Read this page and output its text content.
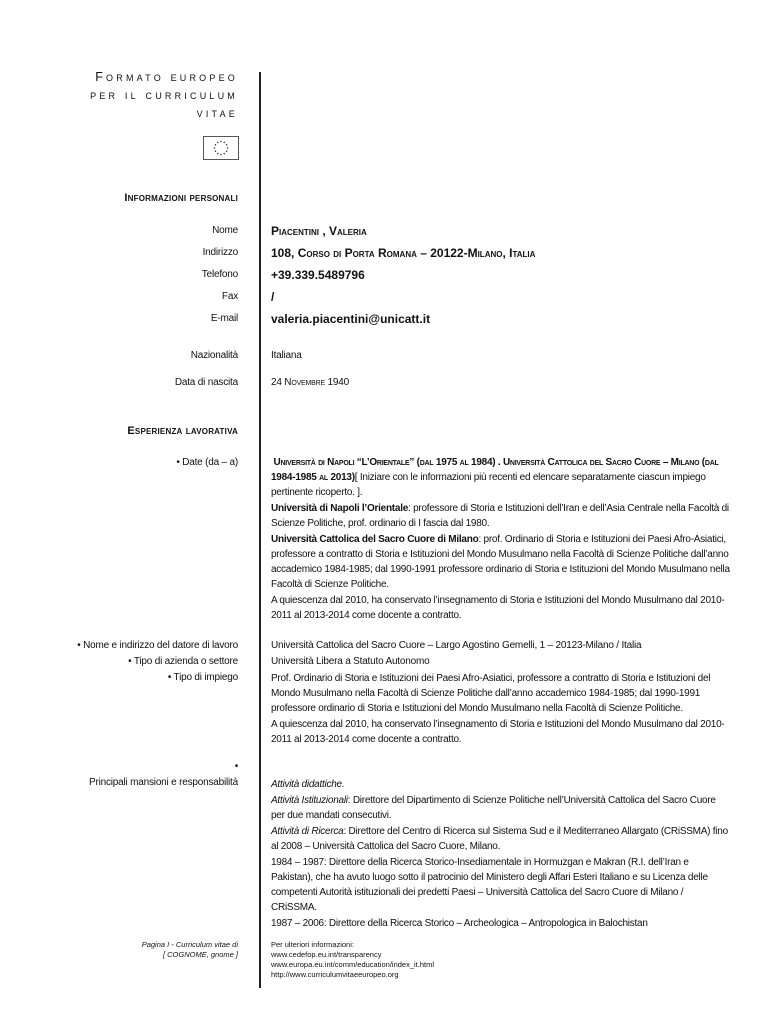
Formato europeo
per il curriculum
vitae
Informazioni personali
Nome	Piacentini , Valeria
Indirizzo	108, Corso di Porta Romana – 20122-Milano, Italia
Telefono	+39.339.5489796
Fax	/
E-mail	valeria.piacentini@unicatt.it
Nazionalità	Italiana
Data di nascita	24 Novembre 1940
Esperienza lavorativa
• Date (da – a)	Università di Napoli “L’Orientale” (dal 1975 al 1984) . Università Cattolica del Sacro Cuore – Milano (dal 1984-1985 al 2013)[ Iniziare con le informazioni più recenti ed elencare separatamente ciascun impiego pertinente ricoperto. ].

Università di Napoli l’Orientale: professore di Storia e Istituzioni dell’Iran e dell’Asia Centrale nella Facoltà di Scienze Politiche, prof. ordinario di I fascia dal 1980.

Università Cattolica del Sacro Cuore di Milano: prof. Ordinario di Storia e Istituzioni dei Paesi Afro-Asiatici, professore a contratto di Storia e Istituzioni del Mondo Musulmano nella Facoltà di Scienze Politiche dall’anno accademico 1984-1985; dal 1990-1991 professore ordinario di Storia e Istituzioni del Mondo Musulmano nella Facoltà di Scienze Politiche.

A quiescenza dal 2010, ha conservato l’insegnamento di Storia e Istituzioni del Mondo Musulmano dal 2010-2011 al 2013-2014 come docente a contratto.

• Nome e indirizzo del datore di lavoro	Università Cattolica del Sacro Cuore – Largo Agostino Gemelli, 1 – 20123-Milano / Italia
• Tipo di azienda o settore	Università Libera a Statuto Autonomo
• Tipo di impiego	Prof. Ordinario di Storia e Istituzioni dei Paesi Afro-Asiatici, professore a contratto di Storia e Istituzioni del Mondo Musulmano nella Facoltà di Scienze Politiche dall’anno accademico 1984-1985; dal 1990-1991 professore ordinario di Storia e Istituzioni del Mondo Musulmano nella Facoltà di Scienze Politiche.

A quiescenza dal 2010, ha conservato l’insegnamento di Storia e Istituzioni del Mondo Musulmano dal 2010-2011 al 2013-2014 come docente a contratto.

•
Principali mansioni e responsabilità	Attività didattiche.

Attività Istituzionali: Direttore del Dipartimento di Scienze Politiche nell’Università Cattolica del Sacro Cuore per due mandati consecutivi.

Attività di Ricerca: Direttore del Centro di Ricerca sul Sistema Sud e il Mediterraneo Allargato (CRiSSMA) fino al 2008 – Università Cattolica del Sacro Cuore, Milano.

1984 – 1987: Direttore della Ricerca Storico-Insediamentale in Hormuzgan e Makran (R.I. dell’Iran e Pakistan), che ha avuto luogo sotto il patrocinio del Ministero degli Affari Esteri Italiano e su Licenza delle competenti Autorità istituzionali dei predetti Paesi – Università Cattolica del Sacro Cuore di Milano / CRiSSMA.

1987 – 2006: Direttore della Ricerca Storico – Archeologica – Antropologica in Balochistan

Pagina I - Curriculum vitae di
[ COGNOME, gnome ]
Per ulteriori informazioni:
www.cedefop.eu.int/transparency
www.europa.eu.int/comm/education/index_it.html
http://www.curriculumvitaeeuropeo.org
